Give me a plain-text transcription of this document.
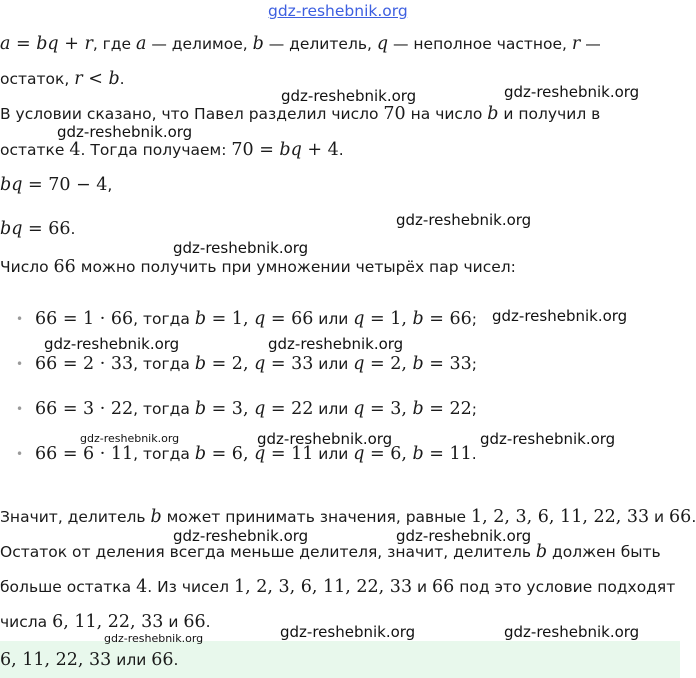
gdz-reshebnik.org
a = bq + r, где a — делимое, b — делитель, q — неполное частное, r —
остаток, r < b.
В условии сказано, что Павел разделил число 70 на число b и получил в
остатке 4. Тогда получаем: 70 = bq + 4.
bq = 70 − 4,
bq = 66.
Число 66 можно получить при умножении четырёх пар чисел:
• 66 = 1 · 66, тогда b = 1, q = 66 или q = 1, b = 66;
• 66 = 2 · 33, тогда b = 2, q = 33 или q = 2, b = 33;
• 66 = 3 · 22, тогда b = 3, q = 22 или q = 3, b = 22;
• 66 = 6 · 11, тогда b = 6, q = 11 или q = 6, b = 11.
Значит, делитель b может принимать значения, равные 1, 2, 3, 6, 11, 22, 33 и 66.
Остаток от деления всегда меньше делителя, значит, делитель b должен быть
больше остатка 4. Из чисел 1, 2, 3, 6, 11, 22, 33 и 66 под это условие подходят
числа 6, 11, 22, 33 и 66.
6, 11, 22, 33 или 66.
gdz-reshebnik.org	gdz-reshebnik.org
gdz-reshebnik.org
gdz-reshebnik.org
gdz-reshebnik.org
gdz-reshebnik.org
gdz-reshebnik.org	gdz-reshebnik.org
gdz-reshebnik.org	gdz-reshebnik.org	gdz-reshebnik.org
gdz-reshebnik.org	gdz-reshebnik.org
gdz-reshebnik.org	gdz-reshebnik.org
gdz-reshebnik.org
